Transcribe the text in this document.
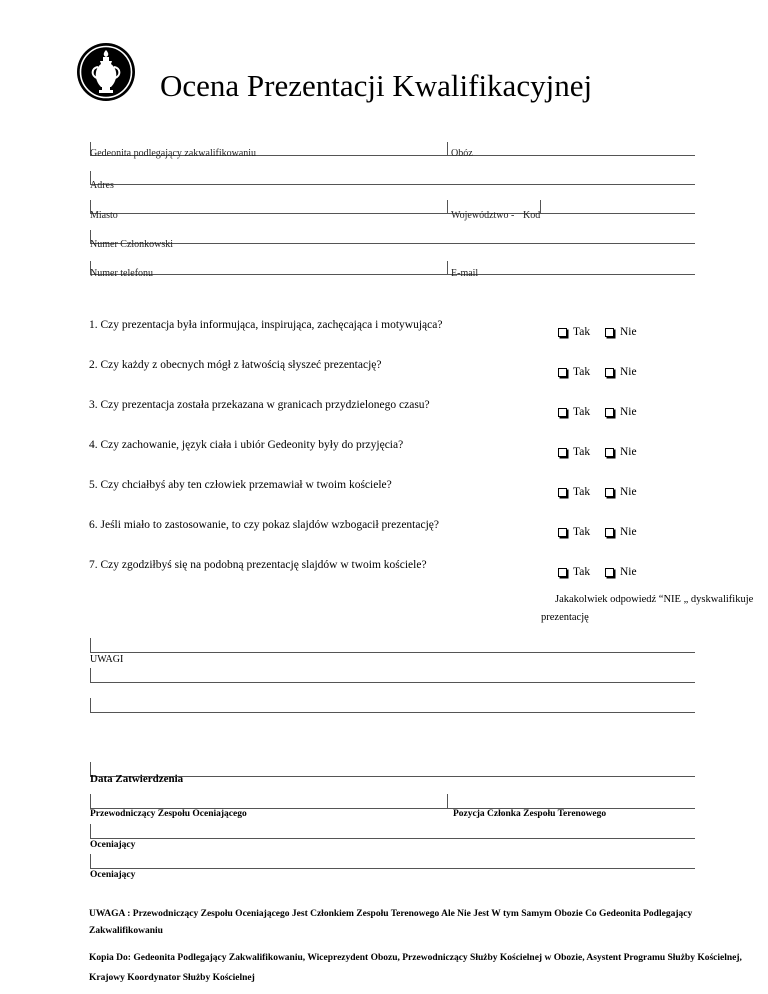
Ocena Prezentacji Kwalifikacyjnej
Gedeonita podlegający zakwalifikowaniu	Obóz
Adres
Miasto	Województwo - Kod
Numer Członkowski
Numer telefonu	E-mail
1. Czy prezentacja była informująca, inspirująca, zachęcająca i motywująca?
Tak	Nie
2. Czy każdy z obecnych mógł z łatwością słyszeć prezentację?
Tak	Nie
3. Czy prezentacja została przekazana w granicach przydzielonego czasu?
Tak	Nie
4. Czy zachowanie, język ciała i ubiór Gedeonity były do przyjęcia?
Tak	Nie
5. Czy chciałbyś aby ten człowiek przemawiał w twoim kościele?
Tak	Nie
6. Jeśli miało to zastosowanie, to czy pokaz slajdów wzbogacił prezentację?
Tak	Nie
7. Czy zgodziłbyś się na podobną prezentację slajdów w twoim kościele?
Tak	Nie
Jakakolwiek odpowiedź “NIE „ dyskwalifikuje
prezentację
UWAGI
Data Zatwierdzenia
Przewodniczący Zespołu Oceniającego	Pozycja Członka Zespołu Terenowego
Oceniający
Oceniający
UWAGA : Przewodniczący Zespołu Oceniającego Jest Członkiem Zespołu Terenowego Ale Nie Jest W tym Samym Obozie Co Gedeonita Podlegający Zakwalifikowaniu
Kopia Do: Gedeonita Podlegający Zakwalifikowaniu, Wiceprezydent Obozu, Przewodniczący Służby Kościelnej w Obozie, Asystent Programu Służby Kościelnej, Krajowy Koordynator Służby Kościelnej
